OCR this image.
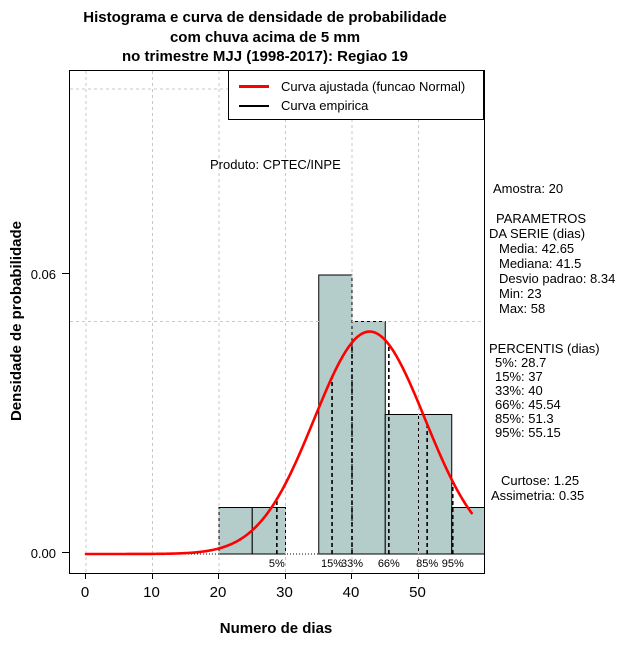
Histograma e curva de densidade de probabilidade
com chuva acima de 5 mm
no trimestre MJJ (1998-2017): Regiao 19
Densidade de probabilidade
5%	15%
33% 66% 85% 95%
Produto: CPTEC/INPE
Curva ajustada (funcao Normal)
Curva empirica
0.06
0.00
0	10	20	30	40	50
Numero de dias
Amostra: 20
PARAMETROS
DA SERIE (dias)
Media: 42.65
Mediana: 41.5
Desvio padrao: 8.34
Min: 23
Max: 58
PERCENTIS (dias)
5%: 28.7
15%: 37
33%: 40
66%: 45.54
85%: 51.3
95%: 55.15
Curtose: 1.25
Assimetria: 0.35
